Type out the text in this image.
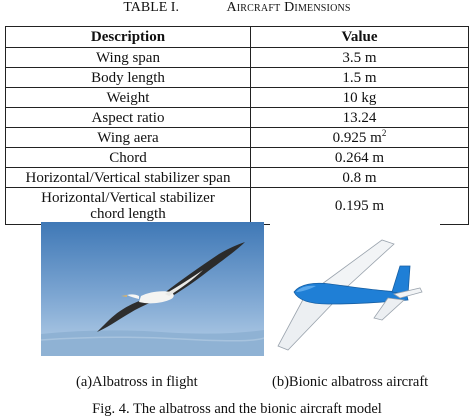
TABLE I.	Aircraft Dimensions
Description	Value
Wing span	3.5 m
Body length	1.5 m
Weight	10 kg
Aspect ratio	13.24
Wing aera	0.925 $m^2$
Chord	0.264 m
Horizontal/Vertical stabilizer span	0.8 m
Horizontal/Vertical stabilizer
chord length	0.195 m
(a)Albatross in flight	(b)Bionic albatross aircraft
Fig. 4. The albatross and the bionic aircraft model
